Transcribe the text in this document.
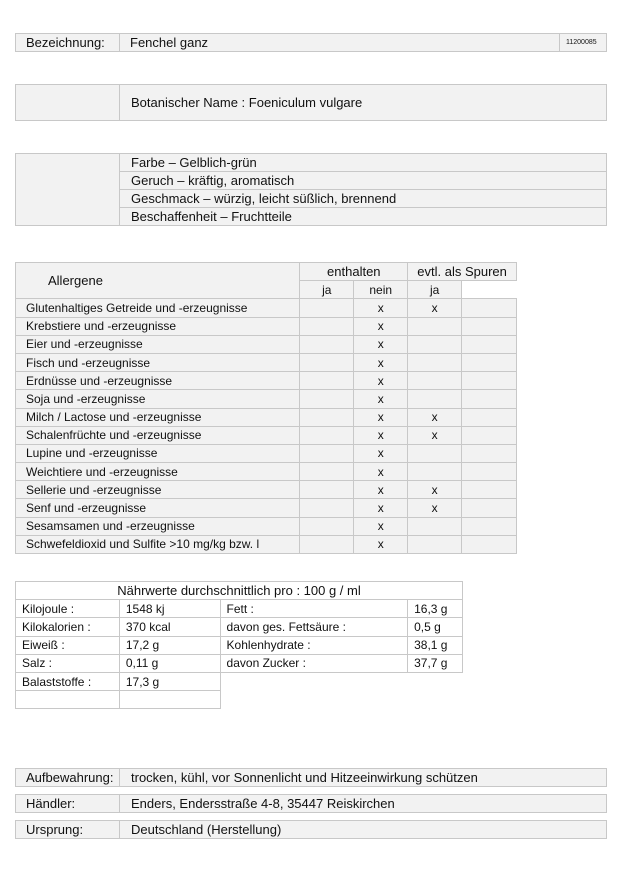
Bezeichnung: Fenchel ganz	11200085
Botanischer Name : Foeniculum vulgare
Farbe – Gelblich-grün
Geruch – kräftig, aromatisch
Geschmack – würzig, leicht süßlich, brennend
Beschaffenheit – Fruchtteile
Allergene	enthalten		evtl. als Spuren	
	ja	nein	ja	
Glutenhaltiges Getreide und -erzeugnisse		x	x	
Krebstiere und -erzeugnisse		x		
Eier und -erzeugnisse		x		
Fisch und -erzeugnisse		x		
Erdnüsse und -erzeugnisse		x		
Soja und -erzeugnisse		x		
Milch / Lactose und -erzeugnisse		x	x	
Schalenfrüchte und -erzeugnisse		x	x	
Lupine und -erzeugnisse		x		
Weichtiere und -erzeugnisse		x		
Sellerie und -erzeugnisse		x	x	
Senf und -erzeugnisse		x	x	
Sesamsamen und -erzeugnisse		x		
Schwefeldioxid und Sulfite >10 mg/kg bzw. l		x		
Nährwerte durchschnittlich pro : 100 g / ml			
Kilojoule :	1548 kj	Fett :	16,3 g
Kilokalorien :	370 kcal	davon ges. Fettsäure :	0,5 g
Eiweiß :	17,2 g	Kohlenhydrate :	38,1 g
Salz :	0,11 g	davon Zucker :	37,7 g
Balaststoffe :	17,3 g		

Aufbewahrung: trocken, kühl, vor Sonnenlicht und Hitzeeinwirkung schützen
Händler:	Enders, Endersstraße 4-8, 35447 Reiskirchen
Ursprung:	Deutschland (Herstellung)
